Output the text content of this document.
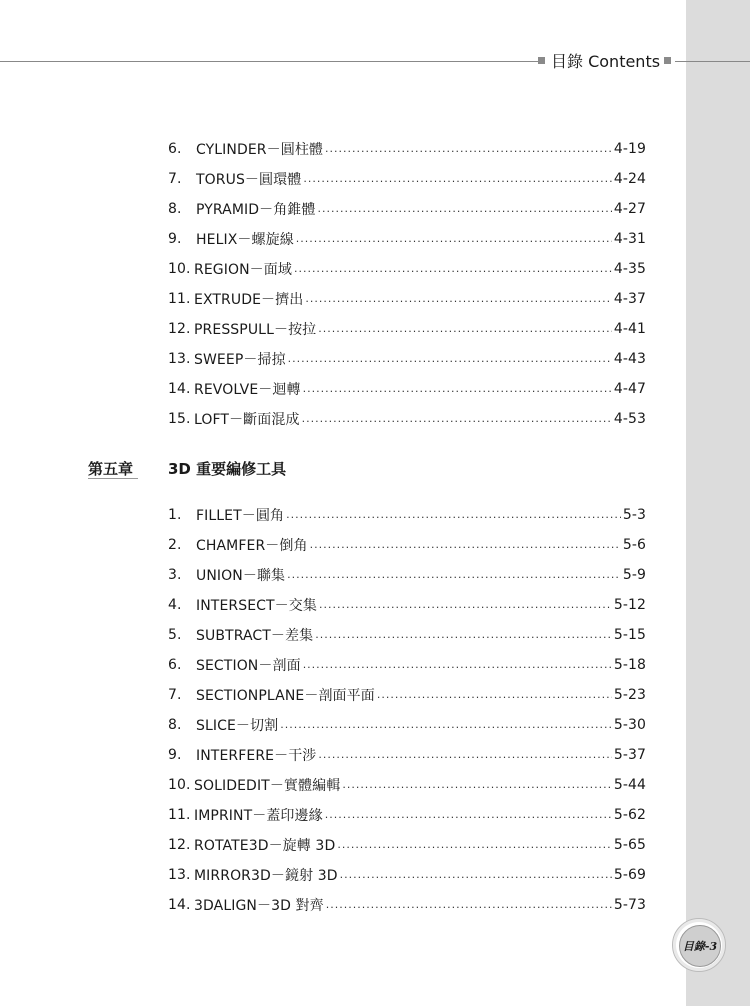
目錄 Contents
6.	CYLINDER－圓柱體 .....	4-19
7.	TORUS－圓環體 .....	4-24
8.	PYRAMID－角錐體 .....	4-27
9.	HELIX－螺旋線 .....	4-31
10. REGION－面域 .....	4-35
11. EXTRUDE－擠出 .....	4-37
12. PRESSPULL－按拉 .....	4-41
13. SWEEP－掃掠 .....	4-43
14. REVOLVE－迴轉 .....	4-47
15. LOFT－斷面混成 .....	4-53
第五章	3D 重要編修工具
1.	FILLET－圓角 .....	5-3
2.	CHAMFER－倒角 .....	5-6
3.	UNION－聯集 .....	5-9
4.	INTERSECT－交集 .....	5-12
5.	SUBTRACT－差集 .....	5-15
6.	SECTION－剖面 .....	5-18
7.	SECTIONPLANE－剖面平面 .....	5-23
8.	SLICE－切割 .....	5-30
9.	INTERFERE－干涉 .....	5-37
10. SOLIDEDIT－實體編輯 .....	5-44
11. IMPRINT－蓋印邊緣 .....	5-62
12. ROTATE3D－旋轉 3D .....	5-65
13. MIRROR3D－鏡射 3D .....	5-69
14. 3DALIGN－3D 對齊 .....	5-73
目錄-3
